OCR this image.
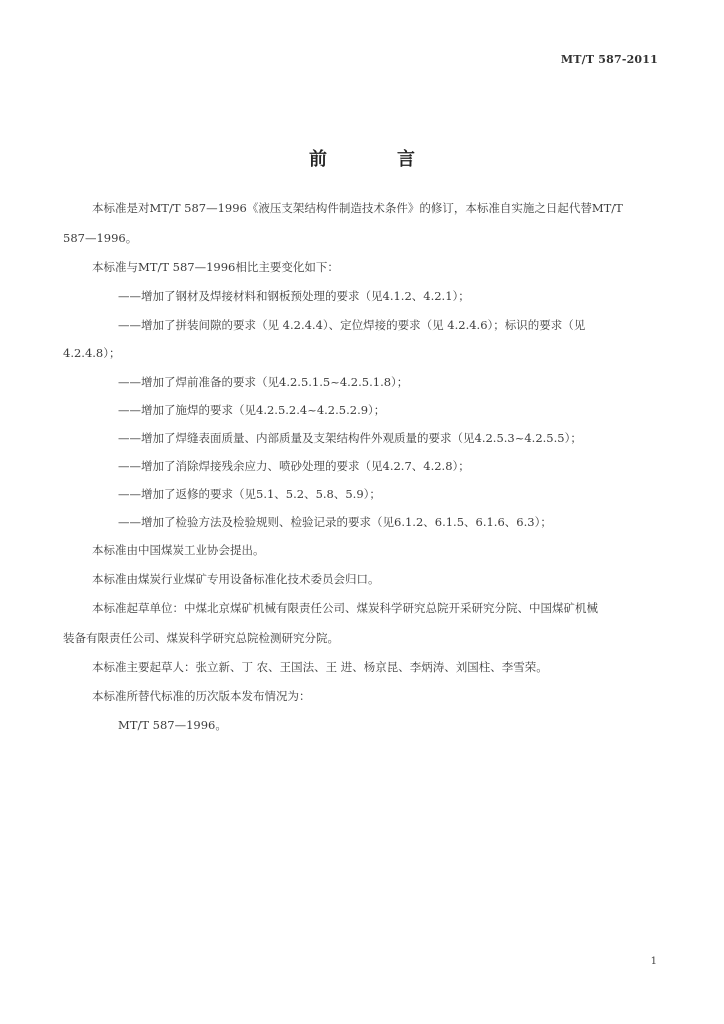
MT/T 587-2011
前	言
本标准是对MT/T 587—1996《液压支架结构件制造技术条件》的修订，本标准自实施之日起代替MT/T
587—1996。
本标准与MT/T 587—1996相比主要变化如下：
——增加了钢材及焊接材料和钢板预处理的要求（见4.1.2、4.2.1）；
——增加了拼装间隙的要求（见 4.2.4.4）、定位焊接的要求（见 4.2.4.6）；标识的要求（见
4.2.4.8）；
——增加了焊前准备的要求（见4.2.5.1.5~4.2.5.1.8）；
——增加了施焊的要求（见4.2.5.2.4~4.2.5.2.9）；
——增加了焊缝表面质量、内部质量及支架结构件外观质量的要求（见4.2.5.3~4.2.5.5）；
——增加了消除焊接残余应力、喷砂处理的要求（见4.2.7、4.2.8）；
——增加了返修的要求（见5.1、5.2、5.8、5.9）；
——增加了检验方法及检验规则、检验记录的要求（见6.1.2、6.1.5、6.1.6、6.3）；
本标准由中国煤炭工业协会提出。
本标准由煤炭行业煤矿专用设备标准化技术委员会归口。
本标准起草单位：中煤北京煤矿机械有限责任公司、煤炭科学研究总院开采研究分院、中国煤矿机械
装备有限责任公司、煤炭科学研究总院检测研究分院。
本标准主要起草人：张立新、丁 农、王国法、王 进、杨京昆、李炳涛、刘国柱、李雪荣。
本标准所替代标准的历次版本发布情况为：
MT/T 587—1996。
1
